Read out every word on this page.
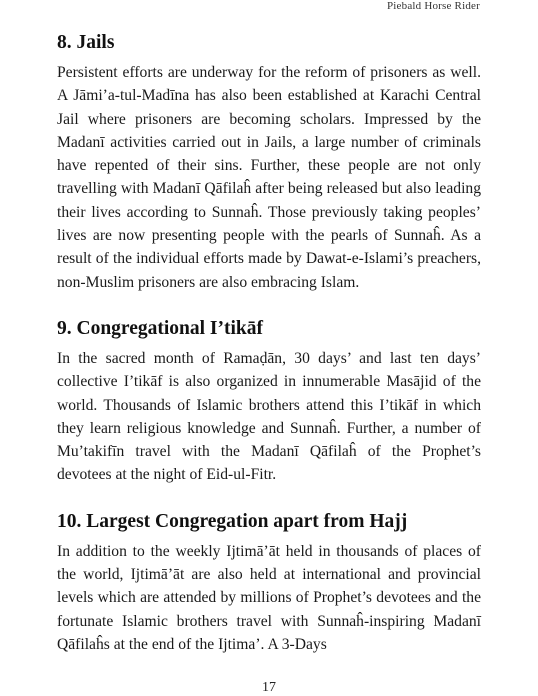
Piebald Horse Rider
8. Jails

Persistent efforts are underway for the reform of prisoners as well. A Jāmi’a-tul-Madīna has also been established at Karachi Central Jail where prisoners are becoming scholars. Impressed by the Madanī activities carried out in Jails, a large number of criminals have repented of their sins. Further, these people are not only travelling with Madanī Qāfilaĥ after being released but also leading their lives according to Sunnaĥ. Those previously taking peoples’ lives are now presenting people with the pearls of Sunnaĥ. As a result of the individual efforts made by Dawat-e-Islami’s preachers, non-Muslim prisoners are also embracing Islam.

9. Congregational I’tikāf

In the sacred month of Ramaḍān, 30 days’ and last ten days’ collective I’tikāf is also organized in innumerable Masājid of the world. Thousands of Islamic brothers attend this I’tikāf in which they learn religious knowledge and Sunnaĥ. Further, a number of Mu’takifīn travel with the Madanī Qāfilaĥ of the Prophet’s devotees at the night of Eid-ul-Fitr.

10. Largest Congregation apart from Hajj

In addition to the weekly Ijtimā’āt held in thousands of places of the world, Ijtimā’āt are also held at international and provincial levels which are attended by millions of Prophet’s devotees and the fortunate Islamic brothers travel with Sunnaĥ-inspiring Madanī Qāfilaĥs at the end of the Ijtima’. A 3-Days

17
